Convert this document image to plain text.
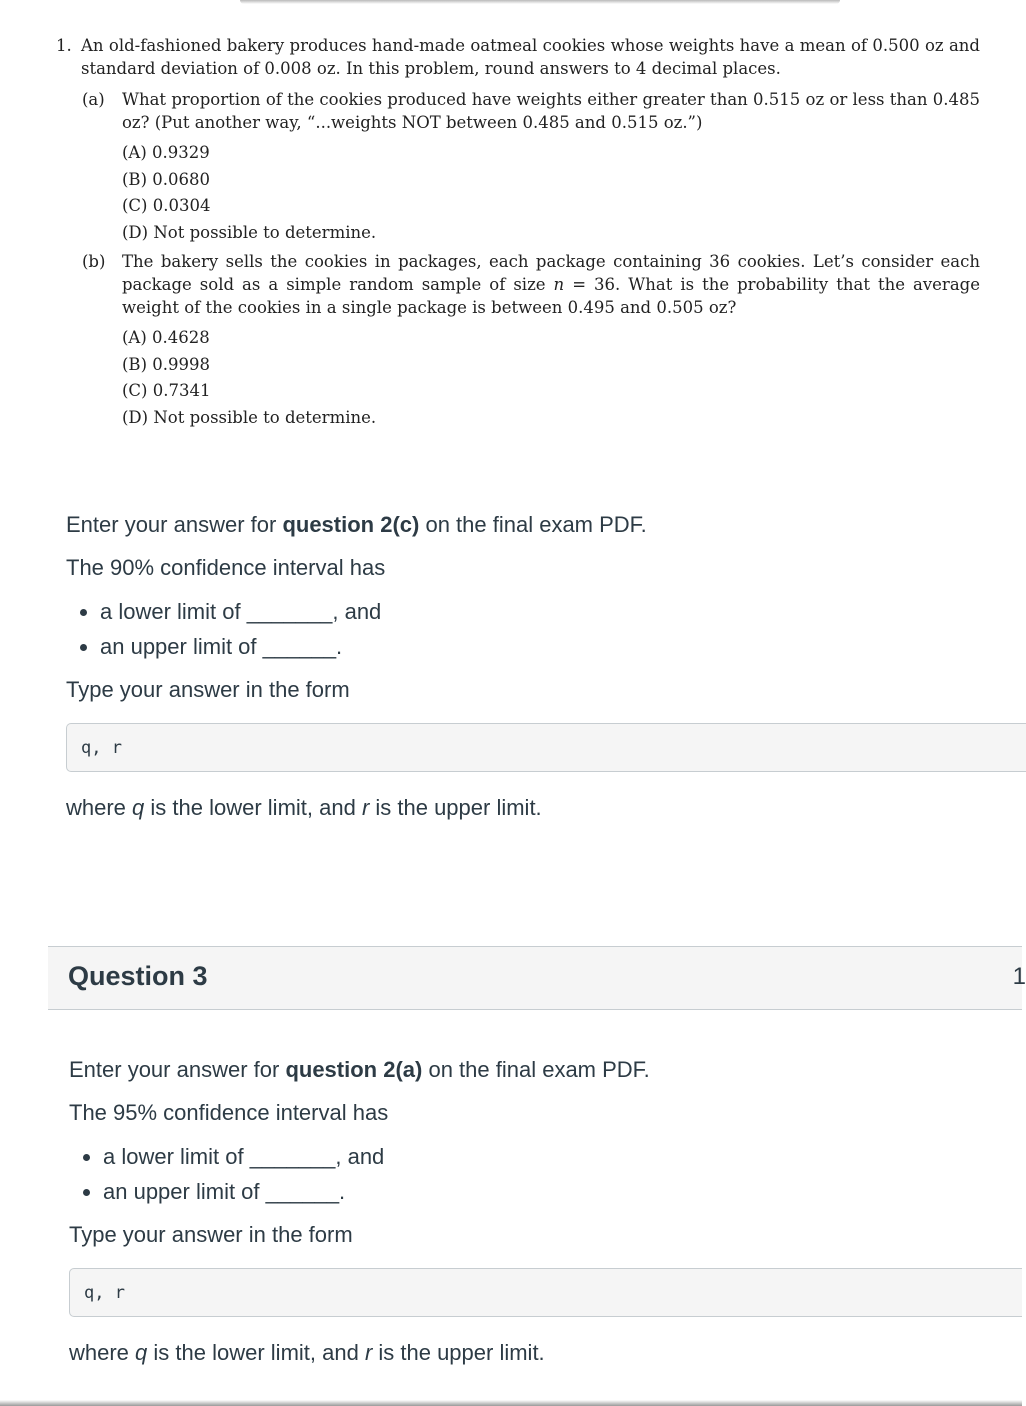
1. An old-fashioned bakery produces hand-made oatmeal cookies whose weights have a mean of 0.500 oz and standard deviation of 0.008 oz. In this problem, round answers to 4 decimal places.
(a)	What proportion of the cookies produced have weights either greater than 0.515 oz or less than 0.485 oz? (Put another way, “...weights NOT between 0.485 and 0.515 oz.”)
(A) 0.9329
(B) 0.0680
(C) 0.0304
(D) Not possible to determine.
(b)	The bakery sells the cookies in packages, each package containing 36 cookies. Let’s consider each package sold as a simple random sample of size n = 36. What is the probability that the average weight of the cookies in a single package is between 0.495 and 0.505 oz?
(A) 0.4628
(B) 0.9998
(C) 0.7341
(D) Not possible to determine.

Enter your answer for question 2(c) on the final exam PDF.

The 90% confidence interval has

• a lower limit of _______, and
• an upper limit of ______.

Type your answer in the form

q, r

where q is the lower limit, and r is the upper limit.

Question 3	1

Enter your answer for question 2(a) on the final exam PDF.

The 95% confidence interval has

• a lower limit of _______, and
• an upper limit of ______.

Type your answer in the form

q, r

where q is the lower limit, and r is the upper limit.
